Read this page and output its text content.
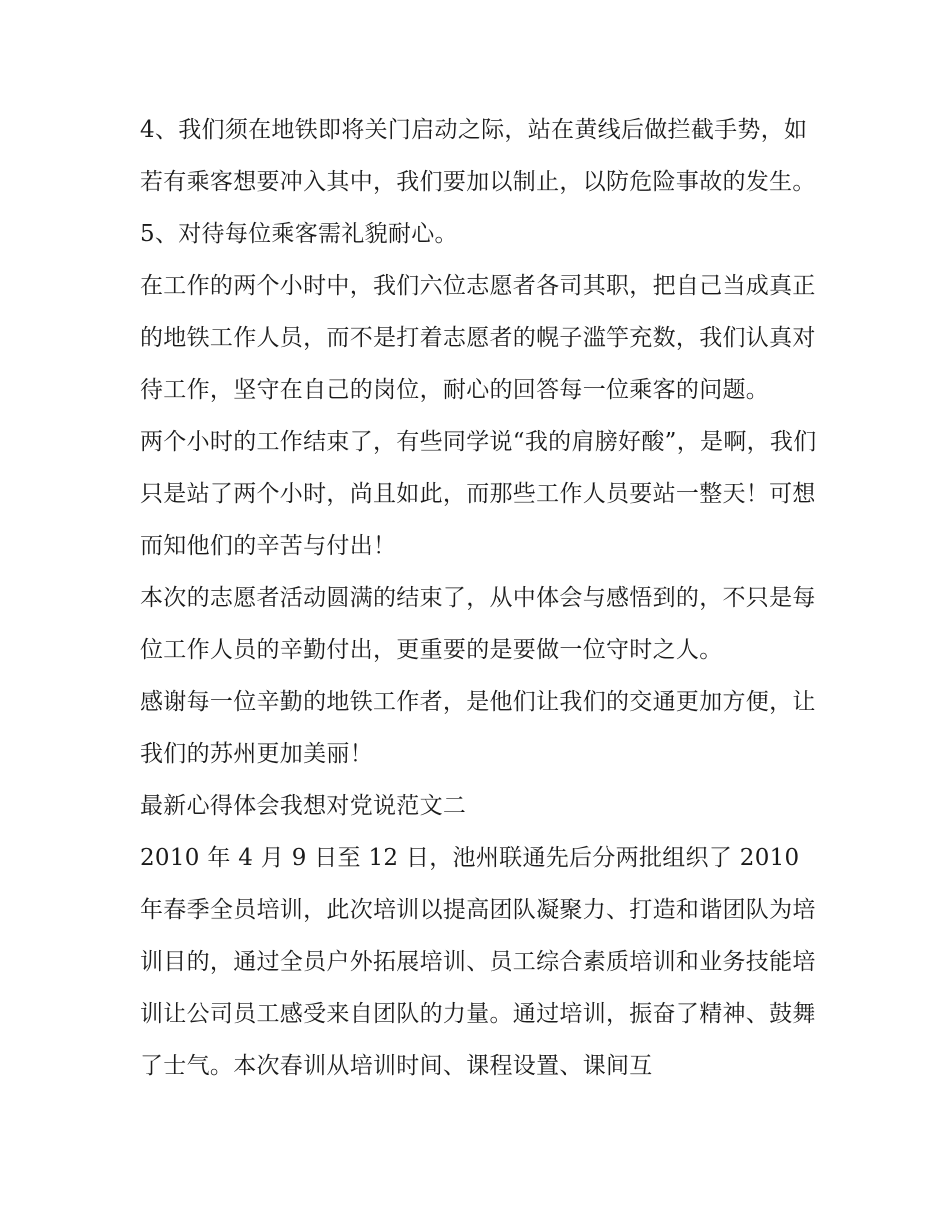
4、我们须在地铁即将关门启动之际，站在黄线后做拦截手势，如若有乘客想要冲入其中，我们要加以制止，以防危险事故的发生。 5、对待每位乘客需礼貌耐心。

在工作的两个小时中，我们六位志愿者各司其职，把自己当成真正的地铁工作人员，而不是打着志愿者的幌子滥竽充数，我们认真对待工作，坚守在自己的岗位，耐心的回答每一位乘客的问题。

两个小时的工作结束了，有些同学说“我的肩膀好酸”，是啊，我们只是站了两个小时，尚且如此，而那些工作人员要站一整天！可想而知他们的辛苦与付出！

本次的志愿者活动圆满的结束了，从中体会与感悟到的，不只是每位工作人员的辛勤付出，更重要的是要做一位守时之人。

感谢每一位辛勤的地铁工作者，是他们让我们的交通更加方便，让我们的苏州更加美丽！

最新心得体会我想对党说范文二

2010 年 4 月 9 日至 12 日，池州联通先后分两批组织了 2010 年春季全员培训，此次培训以提高团队凝聚力、打造和谐团队为培训目的，通过全员户外拓展培训、员工综合素质培训和业务技能培训让公司员工感受来自团队的力量。通过培训，振奋了精神、鼓舞了士气。本次春训从培训时间、课程设置、课间互
